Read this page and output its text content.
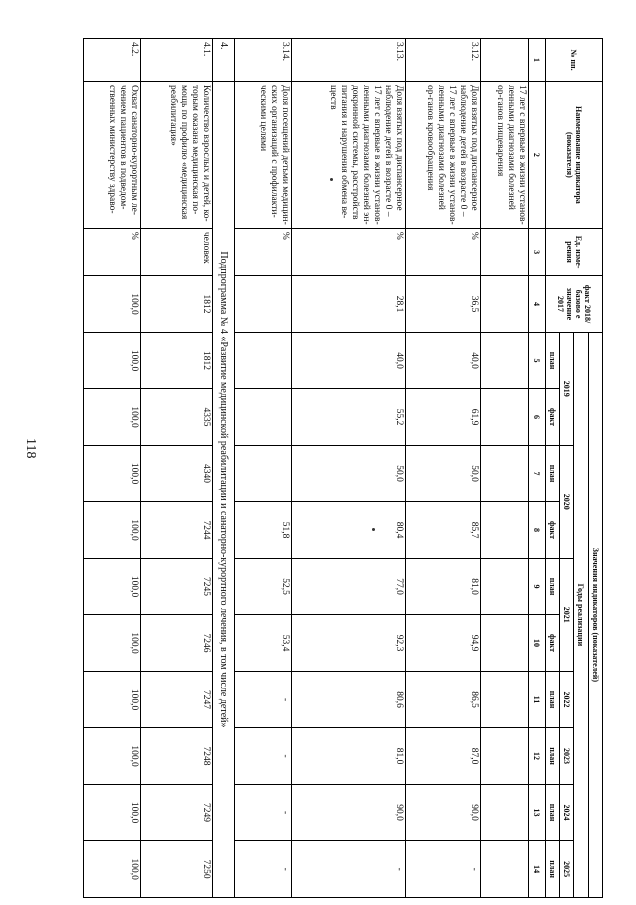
118
№ пп.	Наименование индикатора (показателя)	Ед. изме-рения	факт 2018/базово е значение 2017	Значения индикаторов (показателей)									
				Годы реализации									
				2019		2020		2021		2022	2023	2024	2025
				план	факт	план	факт	план	факт	план	план	план	план
1	2	3	4	5	6	7	8	9	10	11	12	13	14
	17 лет с впервые в жизни установ-ленными диагнозами болезней ор-ганов пищеварения												
3.12.	Доля взятых под диспансерное наблюдение детей в возрасте 0 – 17 лет с впервые в жизни установ-ленными диагнозами болезней ор-ганов кровообращения	%	36,5	40,0	61,9	50,0	85,7	81,0	94,9	86,5	87,0	90,0	-
3.13.	Доля взятых под диспансерное наблюдение детей в возрасте 0 – 17 лет с впервые в жизни установ-ленными диагнозами болезней эн-докринной системы, расстройств питания и нарушения обмена ве-ществ	%	28,1	40,0	55,2	50,0	80,4	77,0	92,3	80,6	81,0	90,0	-
3.14.	Доля посещений детьми медицин-ских организаций с профилакти-ческими целями	%					51,8	52,5	53,4	-	-	-	-
4.	Подпрограмма № 4 «Развитие медицинской реабилитации и санаторно-курортного лечения, в том числе детей»												
4.1.	Количество взрослых и детей, ко-торым оказана медицинская по-мощь по профилю «медицинская реабилитация»	человек	1812	1812	4335	4340	7244	7245	7246	7247	7248	7249	7250
4.2.	Охват санаторно-курортным ле-чением пациентов в подведом-ственных министерству здраво-	%	100,0	100,0	100,0	100,0	100,0	100,0	100,0	100,0	100,0	100,0	100,0
